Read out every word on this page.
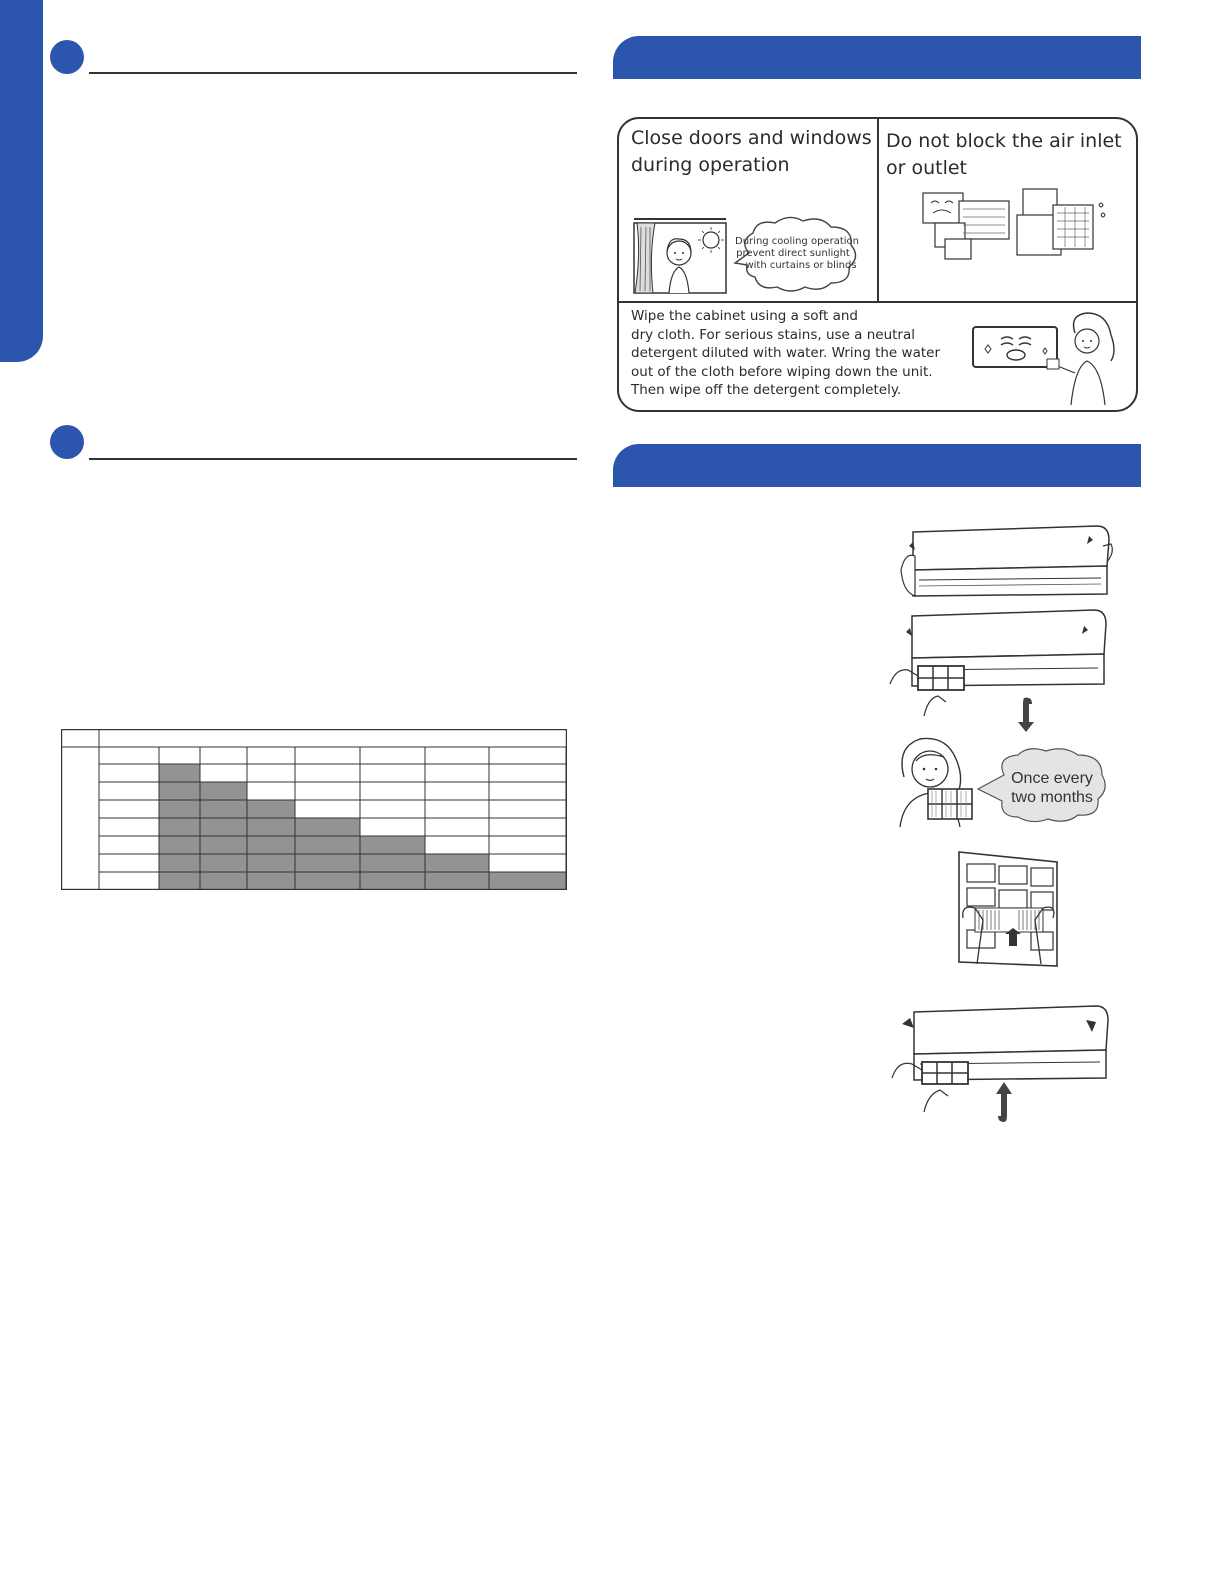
Close doors and windows
during operation
Do not block the air inlet
or outlet
During cooling operation
prevent direct sunlight
with curtains or blinds
Wipe the cabinet using a soft and
dry cloth. For serious stains, use a neutral
detergent diluted with water. Wring the water
out of the cloth before wiping down the unit.
Then wipe off the detergent completely.
Once every
two months
